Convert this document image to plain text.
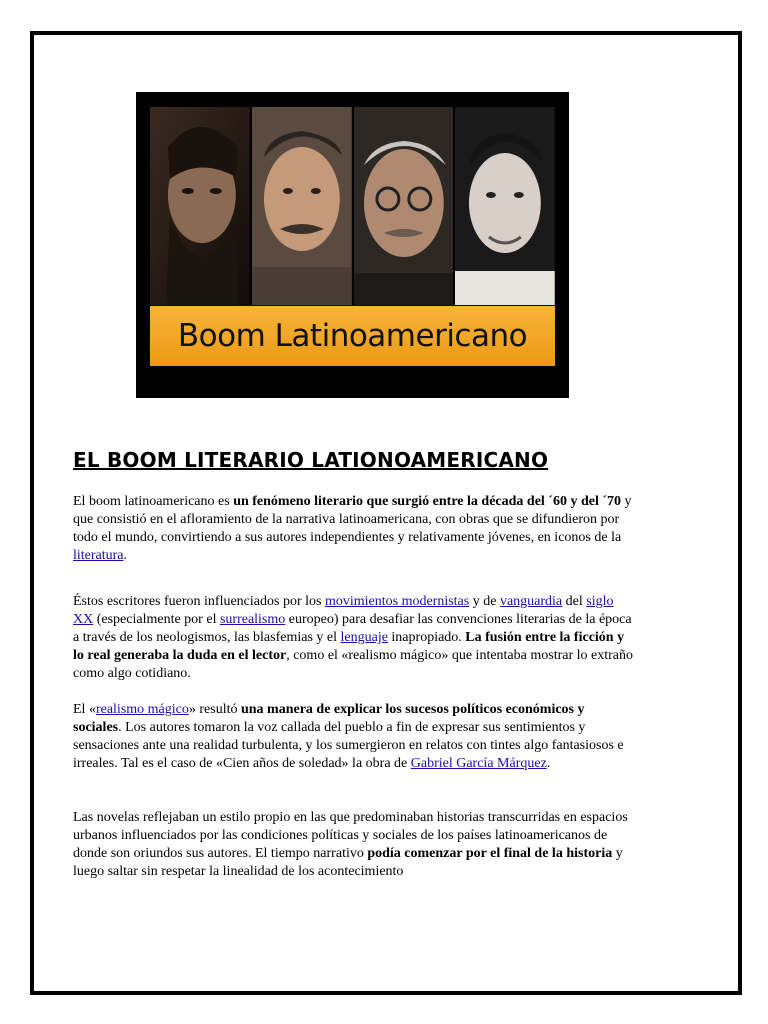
Boom Latinoamericano
EL BOOM LITERARIO LATIONOAMERICANO

El boom latinoamericano es un fenómeno literario que surgió entre la década del ´60 y del ´70 y que consistió en el afloramiento de la narrativa latinoamericana, con obras que se difundieron por todo el mundo, convirtiendo a sus autores independientes y relativamente jóvenes, en iconos de la literatura.

Éstos escritores fueron influenciados por los movimientos modernistas y de vanguardia del siglo XX (especialmente por el surrealismo europeo) para desafiar las convenciones literarias de la época a través de los neologismos, las blasfemias y el lenguaje inapropiado. La fusión entre la ficción y lo real generaba la duda en el lector, como el «realismo mágico» que intentaba mostrar lo extraño como algo cotidiano.

El «realismo mágico» resultó una manera de explicar los sucesos políticos económicos y sociales. Los autores tomaron la voz callada del pueblo a fin de expresar sus sentimientos y sensaciones ante una realidad turbulenta, y los sumergieron en relatos con tintes algo fantasiosos e irreales. Tal es el caso de «Cien años de soledad» la obra de Gabriel García Márquez.

Las novelas reflejaban un estilo propio en las que predominaban historias transcurridas en espacios urbanos influenciados por las condiciones políticas y sociales de los países latinoamericanos de donde son oriundos sus autores. El tiempo narrativo podía comenzar por el final de la historia y luego saltar sin respetar la linealidad de los acontecimiento
